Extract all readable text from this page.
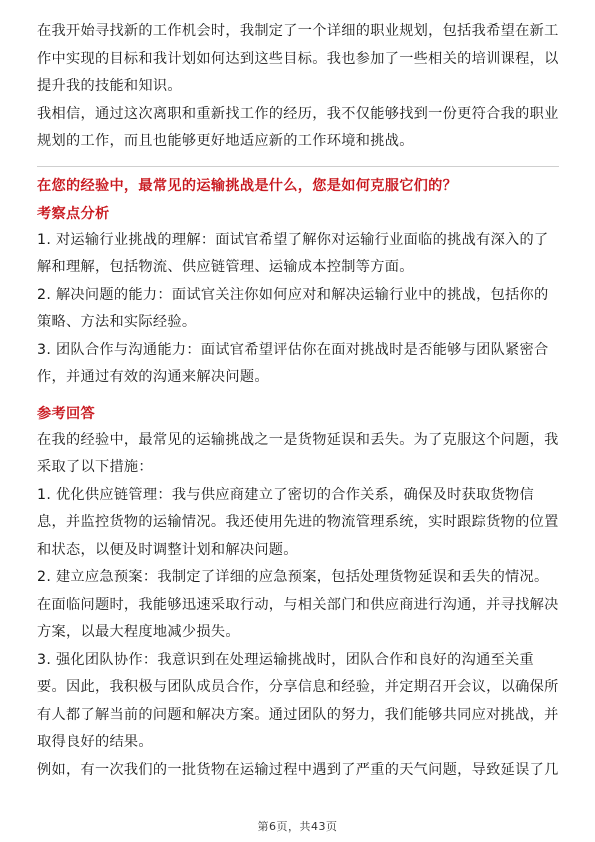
在我开始寻找新的工作机会时，我制定了一个详细的职业规划，包括我希望在新工作中实现的目标和我计划如何达到这些目标。我也参加了一些相关的培训课程，以提升我的技能和知识。

我相信，通过这次离职和重新找工作的经历，我不仅能够找到一份更符合我的职业规划的工作，而且也能够更好地适应新的工作环境和挑战。

在您的经验中，最常见的运输挑战是什么，您是如何克服它们的？

考察点分析

1. 对运输行业挑战的理解：面试官希望了解你对运输行业面临的挑战有深入的了解和理解，包括物流、供应链管理、运输成本控制等方面。

2. 解决问题的能力：面试官关注你如何应对和解决运输行业中的挑战，包括你的策略、方法和实际经验。

3. 团队合作与沟通能力：面试官希望评估你在面对挑战时是否能够与团队紧密合作，并通过有效的沟通来解决问题。

参考回答

在我的经验中，最常见的运输挑战之一是货物延误和丢失。为了克服这个问题，我采取了以下措施：

1. 优化供应链管理：我与供应商建立了密切的合作关系，确保及时获取货物信息，并监控货物的运输情况。我还使用先进的物流管理系统，实时跟踪货物的位置和状态，以便及时调整计划和解决问题。

2. 建立应急预案：我制定了详细的应急预案，包括处理货物延误和丢失的情况。在面临问题时，我能够迅速采取行动，与相关部门和供应商进行沟通，并寻找解决方案，以最大程度地减少损失。

3. 强化团队协作：我意识到在处理运输挑战时，团队合作和良好的沟通至关重要。因此，我积极与团队成员合作，分享信息和经验，并定期召开会议，以确保所有人都了解当前的问题和解决方案。通过团队的努力，我们能够共同应对挑战，并取得良好的结果。

例如，有一次我们的一批货物在运输过程中遇到了严重的天气问题，导致延误了几

第6页，共43页
